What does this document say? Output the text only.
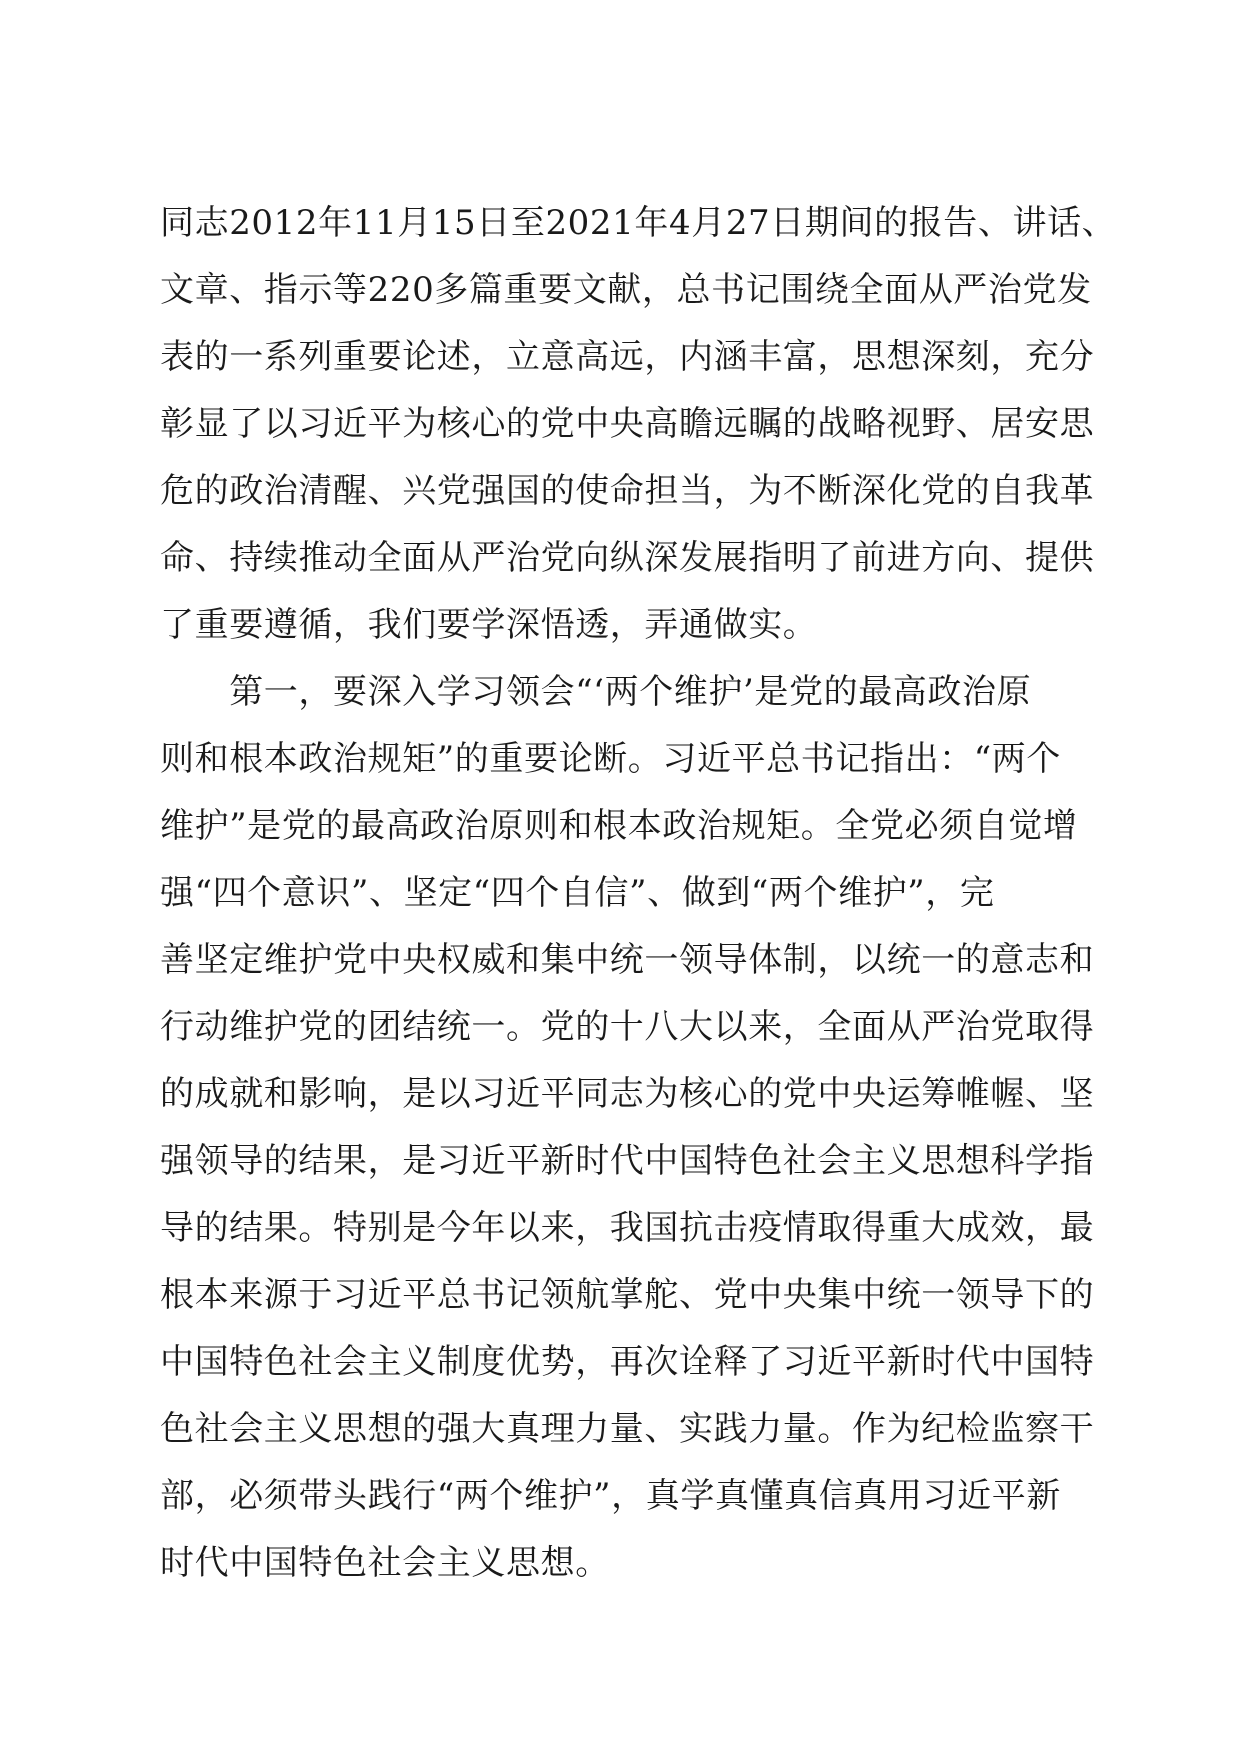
同志2012年11月15日至2021年4月27日期间的报告、讲话、
文章、指示等220多篇重要文献，总书记围绕全面从严治党发
表的一系列重要论述，立意高远，内涵丰富，思想深刻，充分
彰显了以习近平为核心的党中央高瞻远瞩的战略视野、居安思
危的政治清醒、兴党强国的使命担当，为不断深化党的自我革
命、持续推动全面从严治党向纵深发展指明了前进方向、提供
了重要遵循，我们要学深悟透，弄通做实。
　　第一，要深入学习领会“‘两个维护’是党的最高政治原
则和根本政治规矩”的重要论断。习近平总书记指出：“两个
维护”是党的最高政治原则和根本政治规矩。全党必须自觉增
强“四个意识”、坚定“四个自信”、做到“两个维护”，完
善坚定维护党中央权威和集中统一领导体制，以统一的意志和
行动维护党的团结统一。党的十八大以来，全面从严治党取得
的成就和影响，是以习近平同志为核心的党中央运筹帷幄、坚
强领导的结果，是习近平新时代中国特色社会主义思想科学指
导的结果。特别是今年以来，我国抗击疫情取得重大成效，最
根本来源于习近平总书记领航掌舵、党中央集中统一领导下的
中国特色社会主义制度优势，再次诠释了习近平新时代中国特
色社会主义思想的强大真理力量、实践力量。作为纪检监察干
部，必须带头践行“两个维护”，真学真懂真信真用习近平新
时代中国特色社会主义思想。
